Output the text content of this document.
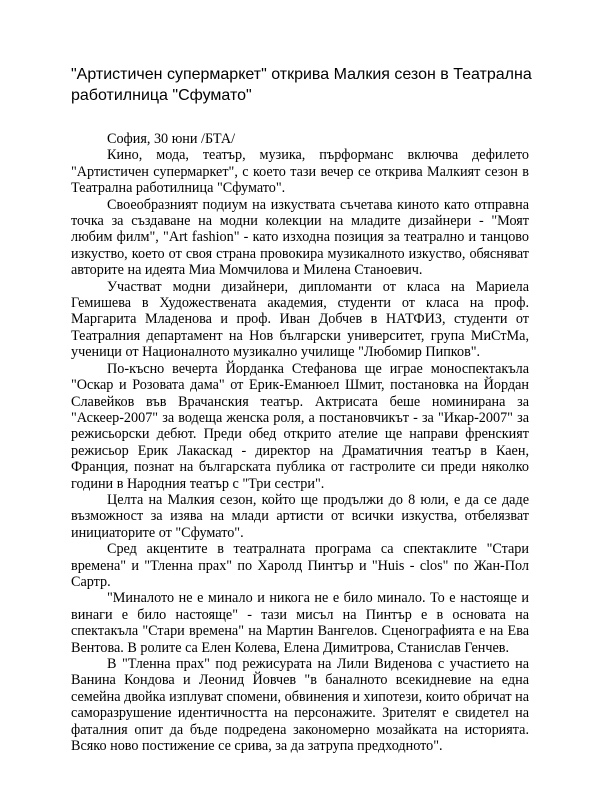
"Артистичен супермаркет" открива Малкия сезон в Театрална работилница "Сфумато"

София, 30 юни /БТА/

Кино, мода, театър, музика, пърформанс включва дефилето "Артистичен супермаркет", с което тази вечер се открива Малкият сезон в Театрална работилница "Сфумато".

Своеобразният подиум на изкуствата съчетава киното като отправна точка за създаване на модни колекции на младите дизайнери - "Моят любим филм", "Art fashion" - като изходна позиция за театрално и танцово изкуство, което от своя страна провокира музикалното изкуство, обясняват авторите на идеята Миа Момчилова и Милена Станоевич.

Участват модни дизайнери, дипломанти от класа на Мариела Гемишева в Художествената академия, студенти от класа на проф. Маргарита Младенова и проф. Иван Добчев в НАТФИЗ, студенти от Театралния департамент на Нов български университет, група МиСтМа, ученици от Националното музикално училище "Любомир Пипков".

По-късно вечерта Йорданка Стефанова ще играе моноспектакъла "Оскар и Розовата дама" от Ерик-Еманюел Шмит, постановка на Йордан Славейков във Врачанския театър. Актрисата беше номинирана за "Аскеер-2007" за водеща женска роля, а постановчикът - за "Икар-2007" за режисьорски дебют. Преди обед открито ателие ще направи френският режисьор Ерик Лакаскад - директор на Драматичния театър в Каен, Франция, познат на българската публика от гастролите си преди няколко години в Народния театър с "Три сестри".

Целта на Малкия сезон, който ще продължи до 8 юли, е да се даде възможност за изява на млади артисти от всички изкуства, отбелязват инициаторите от "Сфумато".

Сред акцентите в театралната програма са спектаклите "Стари времена" и "Тленна прах" по Харолд Пинтър и "Huis - clos" по Жан-Пол Сартр.

"Миналото не е минало и никога не е било минало. То е настояще и винаги е било настояще" - тази мисъл на Пинтър е в основата на спектакъла "Стари времена" на Мартин Вангелов. Сценографията е на Ева Вентова. В ролите са Елен Колева, Елена Димитрова, Станислав Генчев.

В "Тленна прах" под режисурата на Лили Виденова с участието на Ванина Кондова и Леонид Йовчев "в баналното всекидневие на една семейна двойка изплуват спомени, обвинения и хипотези, които обричат на саморазрушение идентичността на персонажите. Зрителят е свидетел на фаталния опит да бъде подредена закономерно мозайката на историята. Всяко ново постижение се срива, за да затрупа предходното".
